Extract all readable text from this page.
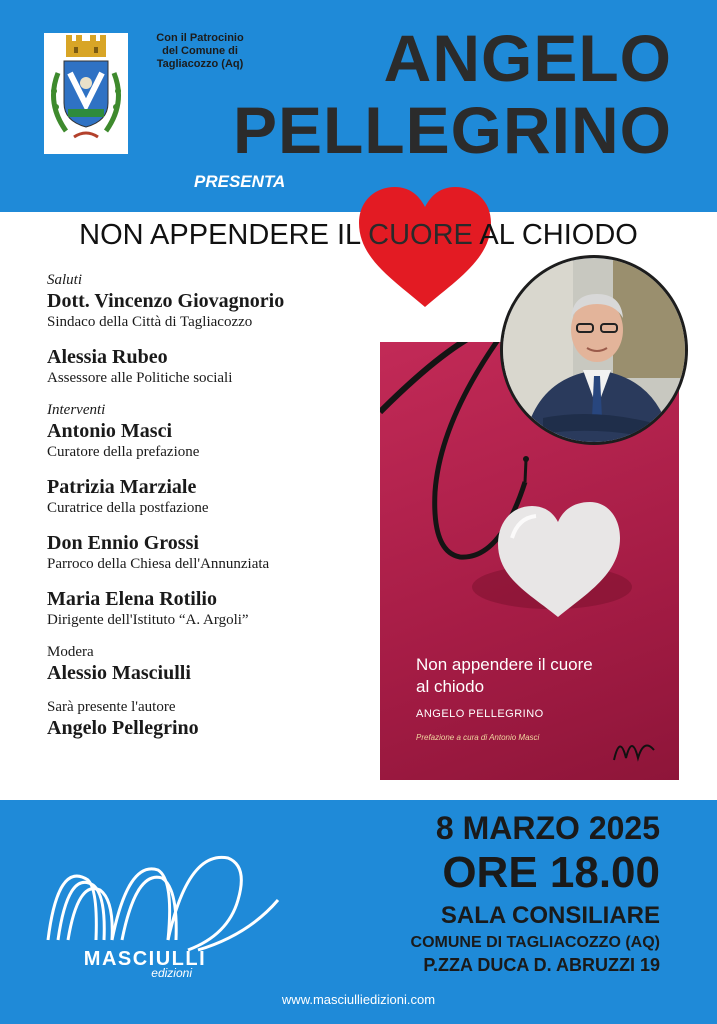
Con il Patrocinio
del Comune di
Tagliacozzo (Aq)	ANGELO
PELLEGRINO
PRESENTA
NON APPENDERE IL CUORE AL CHIODO
Saluti
Dott. Vincenzo Giovagnorio
Sindaco della Città di Tagliacozzo
Alessia Rubeo
Assessore alle Politiche sociali
Interventi
Antonio Masci
Curatore della prefazione
Patrizia Marziale
Curatrice della postfazione
Don Ennio Grossi
Parroco della Chiesa dell'Annunziata
Maria Elena Rotilio
Dirigente dell'Istituto “A. Argoli”
Modera
Alessio Masciulli
Sarà presente l'autore
Angelo Pellegrino
Non appendere il cuore
al chiodo
ANGELO PELLEGRINO
Prefazione a cura di Antonio Masci
MASCIULLI
edizioni
8 MARZO 2025
ORE 18.00
SALA CONSILIARE
COMUNE DI TAGLIACOZZO (AQ)
P.ZZA DUCA D. ABRUZZI 19
www.masciulliedizioni.com
